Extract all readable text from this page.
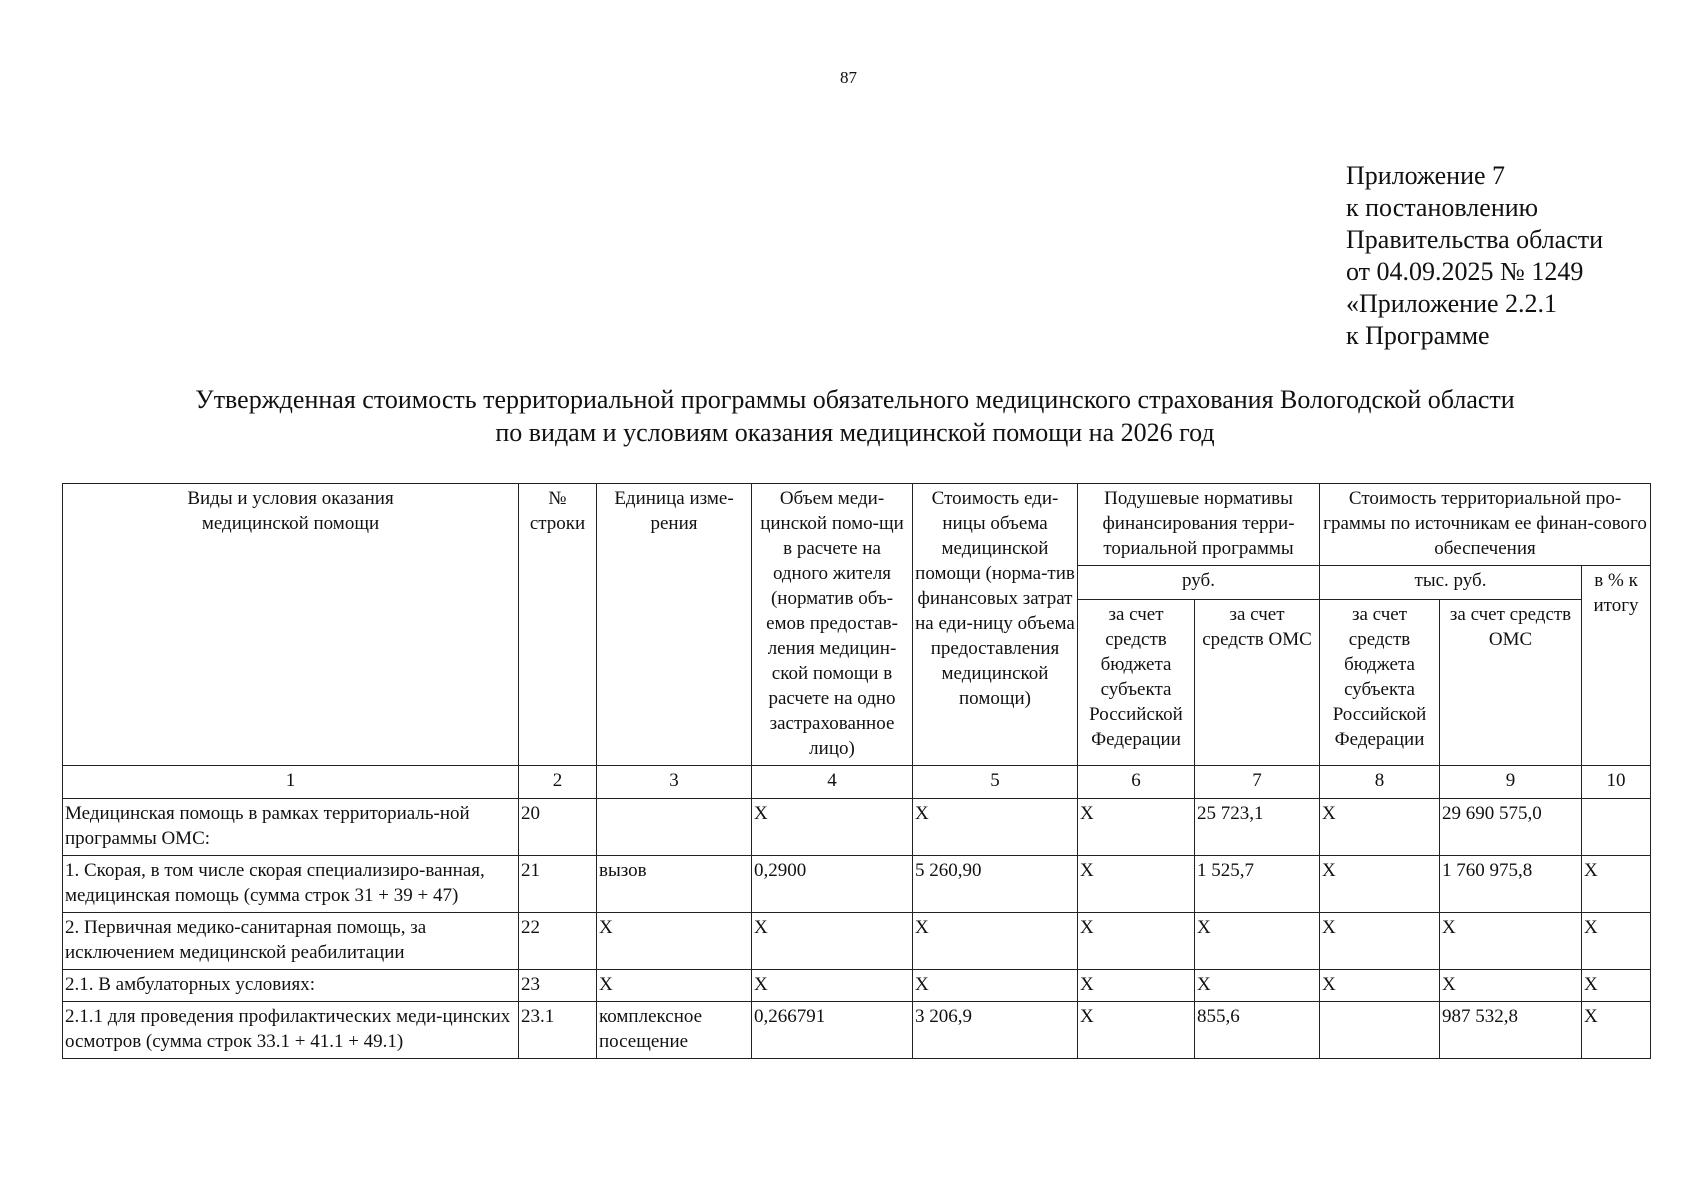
87
Приложение 7
к постановлению
Правительства области
от 04.09.2025 № 1249
«Приложение 2.2.1
к Программе
Утвержденная стоимость территориальной программы обязательного медицинского страхования Вологодской области
по видам и условиям оказания медицинской помощи на 2026 год
Виды и условия оказания медицинской помощи	№ строки	Единица изме-рения	Объем меди-цинской помо-щи в расчете на одного жителя (норматив объ-емов предостав-ления медицин-ской помощи в расчете на одно застрахованное лицо)	Стоимость еди-ницы объема медицинской помощи (норма-тив финансовых затрат на еди-ницу объема предоставления медицинской помощи)	Подушевые нормативы финансирования терри-ториальной программы		Стоимость территориальной про-граммы по источникам ее финан-сового обеспечения		
					руб.		тыс. руб.		в % к итогу
					за счет средств бюджета субъекта Российской Федерации	за счет средств ОМС	за счет средств бюджета субъекта Российской Федерации	за счет средств ОМС	
1	2	3	4	5	6	7	8	9	10
Медицинская помощь в рамках территориаль-ной программы ОМС:	20		Х	Х	Х	25 723,1	Х	29 690 575,0	
1. Скорая, в том числе скорая специализиро-ванная, медицинская помощь (сумма строк 31 + 39 + 47)	21	вызов	0,2900	5 260,90	Х	1 525,7	Х	1 760 975,8	Х
2. Первичная медико-санитарная помощь, за исключением медицинской реабилитации	22	Х	Х	Х	Х	Х	Х	Х	Х
2.1. В амбулаторных условиях:	23	Х	Х	Х	Х	Х	Х	Х	Х
2.1.1 для проведения профилактических меди-цинских осмотров (сумма строк 33.1 + 41.1 + 49.1)	23.1	комплексное посещение	0,266791	3 206,9	Х	855,6		987 532,8	Х
